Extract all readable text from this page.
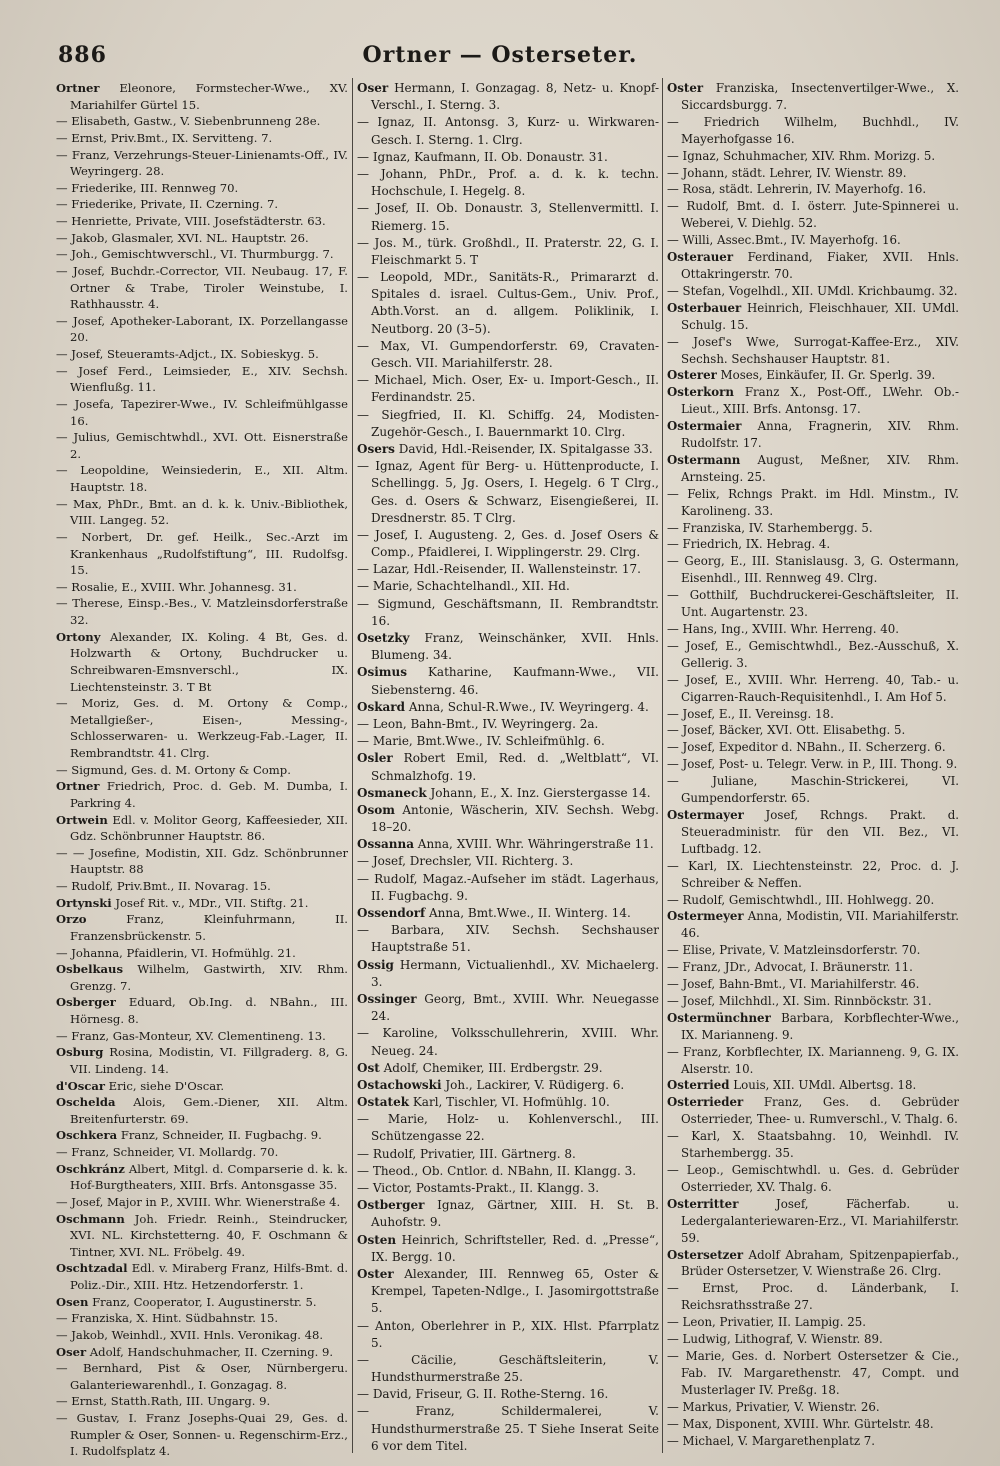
886	Ortner — Osterseter.

Ortner Eleonore, Formstecher-Wwe., XV. Mariahilfer Gürtel 15.

— Elisabeth, Gastw., V. Siebenbrunneng 28e.

— Ernst, Priv.Bmt., IX. Servitteng. 7.

— Franz, Verzehrungs-Steuer-Linienamts-Off., IV. Weyringerg. 28.

— Friederike, III. Rennweg 70.

— Friederike, Private, II. Czerning. 7.

— Henriette, Private, VIII. Josefstädterstr. 63.

— Jakob, Glasmaler, XVI. NL. Hauptstr. 26.

— Joh., Gemischtwverschl., VI. Thurmburgg. 7.

— Josef, Buchdr.-Corrector, VII. Neubaug. 17, F. Ortner & Trabe, Tiroler Weinstube, I. Rathhausstr. 4.

— Josef, Apotheker-Laborant, IX. Porzellangasse 20.

— Josef, Steueramts-Adjct., IX. Sobieskyg. 5.

— Josef Ferd., Leimsieder, E., XIV. Sechsh. Wienflußg. 11.

— Josefa, Tapezirer-Wwe., IV. Schleifmühlgasse 16.

— Julius, Gemischtwhdl., XVI. Ott. Eisnerstraße 2.

— Leopoldine, Weinsiederin, E., XII. Altm. Hauptstr. 18.

— Max, PhDr., Bmt. an d. k. k. Univ.-Bibliothek, VIII. Langeg. 52.

— Norbert, Dr. gef. Heilk., Sec.-Arzt im Krankenhaus „Rudolfstiftung“, III. Rudolfsg. 15.

— Rosalie, E., XVIII. Whr. Johannesg. 31.

— Therese, Einsp.-Bes., V. Matzleinsdorferstraße 32.

Ortony Alexander, IX. Koling. 4 Bt, Ges. d. Holzwarth & Ortony, Buchdrucker u. Schreibwaren-Emsnverschl., IX. Liechtensteinstr. 3. T Bt

— Moriz, Ges. d. M. Ortony & Comp., Metallgießer-, Eisen-, Messing-, Schlosserwaren- u. Werkzeug-Fab.-Lager, II. Rembrandtstr. 41. Clrg.

— Sigmund, Ges. d. M. Ortony & Comp.

Ortner Friedrich, Proc. d. Geb. M. Dumba, I. Parkring 4.

Ortwein Edl. v. Molitor Georg, Kaffeesieder, XII. Gdz. Schönbrunner Hauptstr. 86.

— — Josefine, Modistin, XII. Gdz. Schönbrunner Hauptstr. 88

— Rudolf, Priv.Bmt., II. Novarag. 15.

Ortynski Josef Rit. v., MDr., VII. Stiftg. 21.

Orzo Franz, Kleinfuhrmann, II. Franzensbrückenstr. 5.

— Johanna, Pfaidlerin, VI. Hofmühlg. 21.

Osbelkaus Wilhelm, Gastwirth, XIV. Rhm. Grenzg. 7.

Osberger Eduard, Ob.Ing. d. NBahn., III. Hörnesg. 8.

— Franz, Gas-Monteur, XV. Clementineng. 13.

Osburg Rosina, Modistin, VI. Fillgraderg. 8, G. VII. Lindeng. 14.

d'Oscar Eric, siehe D'Oscar.

Oschelda Alois, Gem.-Diener, XII. Altm. Breitenfurterstr. 69.

Oschkera Franz, Schneider, II. Fugbachg. 9.

— Franz, Schneider, VI. Mollardg. 70.

Oschkránz Albert, Mitgl. d. Comparserie d. k. k. Hof-Burgtheaters, XIII. Brfs. Antonsgasse 35.

— Josef, Major in P., XVIII. Whr. Wienerstraße 4.

Oschmann Joh. Friedr. Reinh., Steindrucker, XVI. NL. Kirchstetterng. 40, F. Oschmann & Tintner, XVI. NL. Fröbelg. 49.

Oschtzadal Edl. v. Miraberg Franz, Hilfs-Bmt. d. Poliz.-Dir., XIII. Htz. Hetzendorferstr. 1.

Osen Franz, Cooperator, I. Augustinerstr. 5.

— Franziska, X. Hint. Südbahnstr. 15.

— Jakob, Weinhdl., XVII. Hnls. Veronikag. 48.

Oser Adolf, Handschuhmacher, II. Czerning. 9.

— Bernhard, Pist & Oser, Nürnbergeru. Galanteriewarenhdl., I. Gonzagag. 8.

— Ernst, Statth.Rath, III. Ungarg. 9.

— Gustav, I. Franz Josephs-Quai 29, Ges. d. Rumpler & Oser, Sonnen- u. Regenschirm-Erz., I. Rudolfsplatz 4.

Oser Hermann, I. Gonzagag. 8, Netz- u. Knopf-Verschl., I. Sterng. 3.

— Ignaz, II. Antonsg. 3, Kurz- u. Wirkwaren-Gesch. I. Sterng. 1. Clrg.

— Ignaz, Kaufmann, II. Ob. Donaustr. 31.

— Johann, PhDr., Prof. a. d. k. k. techn. Hochschule, I. Hegelg. 8.

— Josef, II. Ob. Donaustr. 3, Stellenvermittl. I. Riemerg. 15.

— Jos. M., türk. Großhdl., II. Praterstr. 22, G. I. Fleischmarkt 5. T

— Leopold, MDr., Sanitäts-R., Primararzt d. Spitales d. israel. Cultus-Gem., Univ. Prof., Abth.Vorst. an d. allgem. Poliklinik, I. Neutborg. 20 (3–5).

— Max, VI. Gumpendorferstr. 69, Cravaten-Gesch. VII. Mariahilferstr. 28.

— Michael, Mich. Oser, Ex- u. Import-Gesch., II. Ferdinandstr. 25.

— Siegfried, II. Kl. Schiffg. 24, Modisten-Zugehör-Gesch., I. Bauernmarkt 10. Clrg.

Osers David, Hdl.-Reisender, IX. Spitalgasse 33.

— Ignaz, Agent für Berg- u. Hüttenproducte, I. Schellingg. 5, Jg. Osers, I. Hegelg. 6 T Clrg., Ges. d. Osers & Schwarz, Eisengießerei, II. Dresdnerstr. 85. T Clrg.

— Josef, I. Augusteng. 2, Ges. d. Josef Osers & Comp., Pfaidlerei, I. Wipplingerstr. 29. Clrg.

— Lazar, Hdl.-Reisender, II. Wallensteinstr. 17.

— Marie, Schachtelhandl., XII. Hd.

— Sigmund, Geschäftsmann, II. Rembrandtstr. 16.

Osetzky Franz, Weinschänker, XVII. Hnls. Blumeng. 34.

Osimus Katharine, Kaufmann-Wwe., VII. Siebensterng. 46.

Oskard Anna, Schul-R.Wwe., IV. Weyringerg. 4.

— Leon, Bahn-Bmt., IV. Weyringerg. 2a.

— Marie, Bmt.Wwe., IV. Schleifmühlg. 6.

Osler Robert Emil, Red. d. „Weltblatt“, VI. Schmalzhofg. 19.

Osmaneck Johann, E., X. Inz. Gierstergasse 14.

Osom Antonie, Wäscherin, XIV. Sechsh. Webg. 18–20.

Ossanna Anna, XVIII. Whr. Währingerstraße 11.

— Josef, Drechsler, VII. Richterg. 3.

— Rudolf, Magaz.-Aufseher im städt. Lagerhaus, II. Fugbachg. 9.

Ossendorf Anna, Bmt.Wwe., II. Winterg. 14.

— Barbara, XIV. Sechsh. Sechshauser Hauptstraße 51.

Ossig Hermann, Victualienhdl., XV. Michaelerg. 3.

Ossinger Georg, Bmt., XVIII. Whr. Neuegasse 24.

— Karoline, Volksschullehrerin, XVIII. Whr. Neueg. 24.

Ost Adolf, Chemiker, III. Erdbergstr. 29.

Ostachowski Joh., Lackirer, V. Rüdigerg. 6.

Ostatek Karl, Tischler, VI. Hofmühlg. 10.

— Marie, Holz- u. Kohlenverschl., III. Schützengasse 22.

— Rudolf, Privatier, III. Gärtnerg. 8.

— Theod., Ob. Cntlor. d. NBahn, II. Klangg. 3.

— Victor, Postamts-Prakt., II. Klangg. 3.

Ostberger Ignaz, Gärtner, XIII. H. St. B. Auhofstr. 9.

Osten Heinrich, Schriftsteller, Red. d. „Presse“, IX. Bergg. 10.

Oster Alexander, III. Rennweg 65, Oster & Krempel, Tapeten-Ndlge., I. Jasomirgottstraße 5.

— Anton, Oberlehrer in P., XIX. Hlst. Pfarrplatz 5.

— Cäcilie, Geschäftsleiterin, V. Hundsthurmerstraße 25.

— David, Friseur, G. II. Rothe-Sterng. 16.

— Franz, Schildermalerei, V. Hundsthurmerstraße 25. T Siehe Inserat Seite 6 vor dem Titel.

Oster Franziska, Insectenvertilger-Wwe., X. Siccardsburgg. 7.

— Friedrich Wilhelm, Buchhdl., IV. Mayerhofgasse 16.

— Ignaz, Schuhmacher, XIV. Rhm. Morizg. 5.

— Johann, städt. Lehrer, IV. Wienstr. 89.

— Rosa, städt. Lehrerin, IV. Mayerhofg. 16.

— Rudolf, Bmt. d. I. österr. Jute-Spinnerei u. Weberei, V. Diehlg. 52.

— Willi, Assec.Bmt., IV. Mayerhofg. 16.

Osterauer Ferdinand, Fiaker, XVII. Hnls. Ottakringerstr. 70.

— Stefan, Vogelhdl., XII. UMdl. Krichbaumg. 32.

Osterbauer Heinrich, Fleischhauer, XII. UMdl. Schulg. 15.

— Josef's Wwe, Surrogat-Kaffee-Erz., XIV. Sechsh. Sechshauser Hauptstr. 81.

Osterer Moses, Einkäufer, II. Gr. Sperlg. 39.

Osterkorn Franz X., Post-Off., LWehr. Ob.-Lieut., XIII. Brfs. Antonsg. 17.

Ostermaier Anna, Fragnerin, XIV. Rhm. Rudolfstr. 17.

Ostermann August, Meßner, XIV. Rhm. Arnsteing. 25.

— Felix, Rchngs Prakt. im Hdl. Minstm., IV. Karolineng. 33.

— Franziska, IV. Starhembergg. 5.

— Friedrich, IX. Hebrag. 4.

— Georg, E., III. Stanislausg. 3, G. Ostermann, Eisenhdl., III. Rennweg 49. Clrg.

— Gotthilf, Buchdruckerei-Geschäftsleiter, II. Unt. Augartenstr. 23.

— Hans, Ing., XVIII. Whr. Herreng. 40.

— Josef, E., Gemischtwhdl., Bez.-Ausschuß, X. Gellerig. 3.

— Josef, E., XVIII. Whr. Herreng. 40, Tab.- u. Cigarren-Rauch-Requisitenhdl., I. Am Hof 5.

— Josef, E., II. Vereinsg. 18.

— Josef, Bäcker, XVI. Ott. Elisabethg. 5.

— Josef, Expeditor d. NBahn., II. Scherzerg. 6.

— Josef, Post- u. Telegr. Verw. in P., III. Thong. 9.

— Juliane, Maschin-Strickerei, VI. Gumpendorferstr. 65.

Ostermayer Josef, Rchngs. Prakt. d. Steueradministr. für den VII. Bez., VI. Luftbadg. 12.

— Karl, IX. Liechtensteinstr. 22, Proc. d. J. Schreiber & Neffen.

— Rudolf, Gemischtwhdl., III. Hohlwegg. 20.

Ostermeyer Anna, Modistin, VII. Mariahilferstr. 46.

— Elise, Private, V. Matzleinsdorferstr. 70.

— Franz, JDr., Advocat, I. Bräunerstr. 11.

— Josef, Bahn-Bmt., VI. Mariahilferstr. 46.

— Josef, Milchhdl., XI. Sim. Rinnböckstr. 31.

Ostermünchner Barbara, Korbflechter-Wwe., IX. Marianneng. 9.

— Franz, Korbflechter, IX. Marianneng. 9, G. IX. Alserstr. 10.

Osterried Louis, XII. UMdl. Albertsg. 18.

Osterrieder Franz, Ges. d. Gebrüder Osterrieder, Thee- u. Rumverschl., V. Thalg. 6.

— Karl, X. Staatsbahng. 10, Weinhdl. IV. Starhembergg. 35.

— Leop., Gemischtwhdl. u. Ges. d. Gebrüder Osterrieder, XV. Thalg. 6.

Osterritter Josef, Fächerfab. u. Ledergalanteriewaren-Erz., VI. Mariahilferstr. 59.

Ostersetzer Adolf Abraham, Spitzenpapierfab., Brüder Ostersetzer, V. Wienstraße 26. Clrg.

— Ernst, Proc. d. Länderbank, I. Reichsrathsstraße 27.

— Leon, Privatier, II. Lampig. 25.

— Ludwig, Lithograf, V. Wienstr. 89.

— Marie, Ges. d. Norbert Ostersetzer & Cie., Fab. IV. Margarethenstr. 47, Compt. und Musterlager IV. Preßg. 18.

— Markus, Privatier, V. Wienstr. 26.

— Max, Disponent, XVIII. Whr. Gürtelstr. 48.

— Michael, V. Margarethenplatz 7.
